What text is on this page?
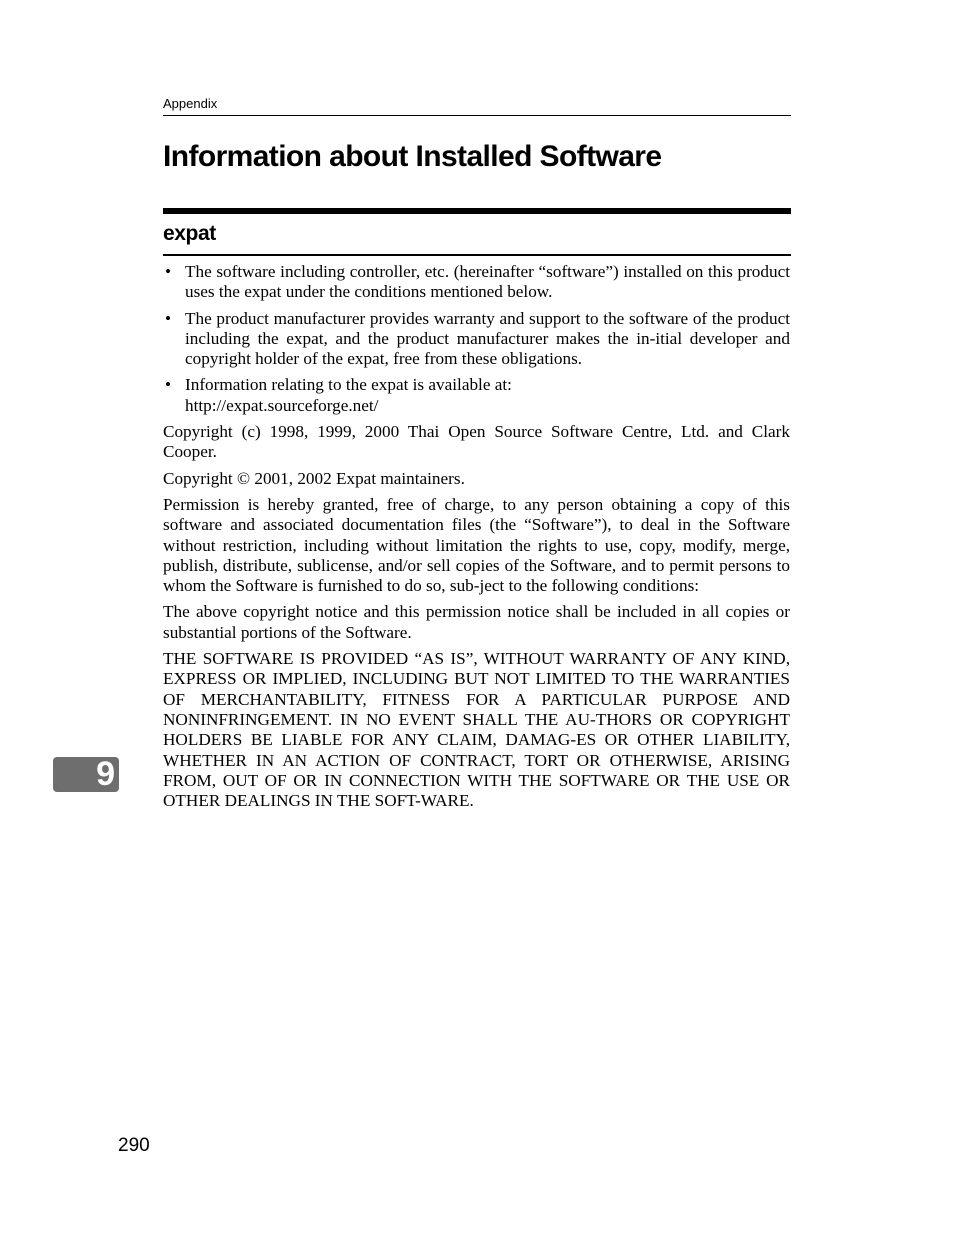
Appendix
Information about Installed Software
expat
• The software including controller, etc. (hereinafter “software”) installed on this product uses the expat under the conditions mentioned below.
• The product manufacturer provides warranty and support to the software of the product including the expat, and the product manufacturer makes the in-itial developer and copyright holder of the expat, free from these obligations.
• Information relating to the expat is available at:
http://expat.sourceforge.net/

Copyright (c) 1998, 1999, 2000 Thai Open Source Software Centre, Ltd. and Clark Cooper.

Copyright © 2001, 2002 Expat maintainers.

Permission is hereby granted, free of charge, to any person obtaining a copy of this software and associated documentation files (the “Software”), to deal in the Software without restriction, including without limitation the rights to use, copy, modify, merge, publish, distribute, sublicense, and/or sell copies of the Software, and to permit persons to whom the Software is furnished to do so, sub-ject to the following conditions:

The above copyright notice and this permission notice shall be included in all copies or substantial portions of the Software.

THE SOFTWARE IS PROVIDED “AS IS”, WITHOUT WARRANTY OF ANY KIND, EXPRESS OR IMPLIED, INCLUDING BUT NOT LIMITED TO THE WARRANTIES OF MERCHANTABILITY, FITNESS FOR A PARTICULAR PURPOSE AND NONINFRINGEMENT. IN NO EVENT SHALL THE AU-THORS OR COPYRIGHT HOLDERS BE LIABLE FOR ANY CLAIM, DAMAG-ES OR OTHER LIABILITY, WHETHER IN AN ACTION OF CONTRACT, TORT OR OTHERWISE, ARISING FROM, OUT OF OR IN CONNECTION WITH THE SOFTWARE OR THE USE OR OTHER DEALINGS IN THE SOFT-WARE.

9
290
